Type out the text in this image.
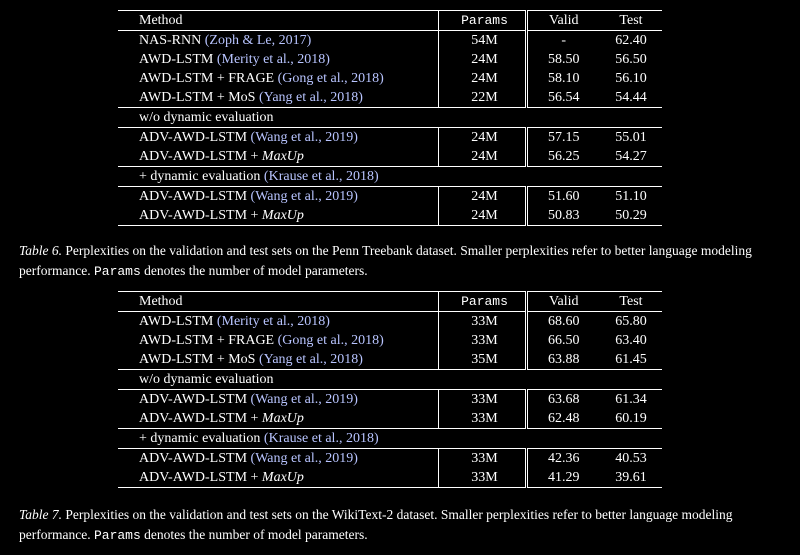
Method	Params	Valid	Test
NAS-RNN (Zoph & Le, 2017)	54M	-	62.40
AWD-LSTM (Merity et al., 2018)	24M	58.50	56.50
AWD-LSTM + FRAGE (Gong et al., 2018)	24M	58.10	56.10
AWD-LSTM + MoS (Yang et al., 2018)	22M	56.54	54.44
w/o dynamic evaluation			
ADV-AWD-LSTM (Wang et al., 2019)	24M	57.15	55.01
ADV-AWD-LSTM + MaxUp	24M	56.25	54.27
+ dynamic evaluation (Krause et al., 2018)			
ADV-AWD-LSTM (Wang et al., 2019)	24M	51.60	51.10
ADV-AWD-LSTM + MaxUp	24M	50.83	50.29
Table 6. Perplexities on the validation and test sets on the Penn Treebank dataset. Smaller perplexities refer to better language modeling performance. Params denotes the number of model parameters.
Method	Params	Valid	Test
AWD-LSTM (Merity et al., 2018)	33M	68.60	65.80
AWD-LSTM + FRAGE (Gong et al., 2018)	33M	66.50	63.40
AWD-LSTM + MoS (Yang et al., 2018)	35M	63.88	61.45
w/o dynamic evaluation			
ADV-AWD-LSTM (Wang et al., 2019)	33M	63.68	61.34
ADV-AWD-LSTM + MaxUp	33M	62.48	60.19
+ dynamic evaluation (Krause et al., 2018)			
ADV-AWD-LSTM (Wang et al., 2019)	33M	42.36	40.53
ADV-AWD-LSTM + MaxUp	33M	41.29	39.61
Table 7. Perplexities on the validation and test sets on the WikiText-2 dataset. Smaller perplexities refer to better language modeling performance. Params denotes the number of model parameters.
